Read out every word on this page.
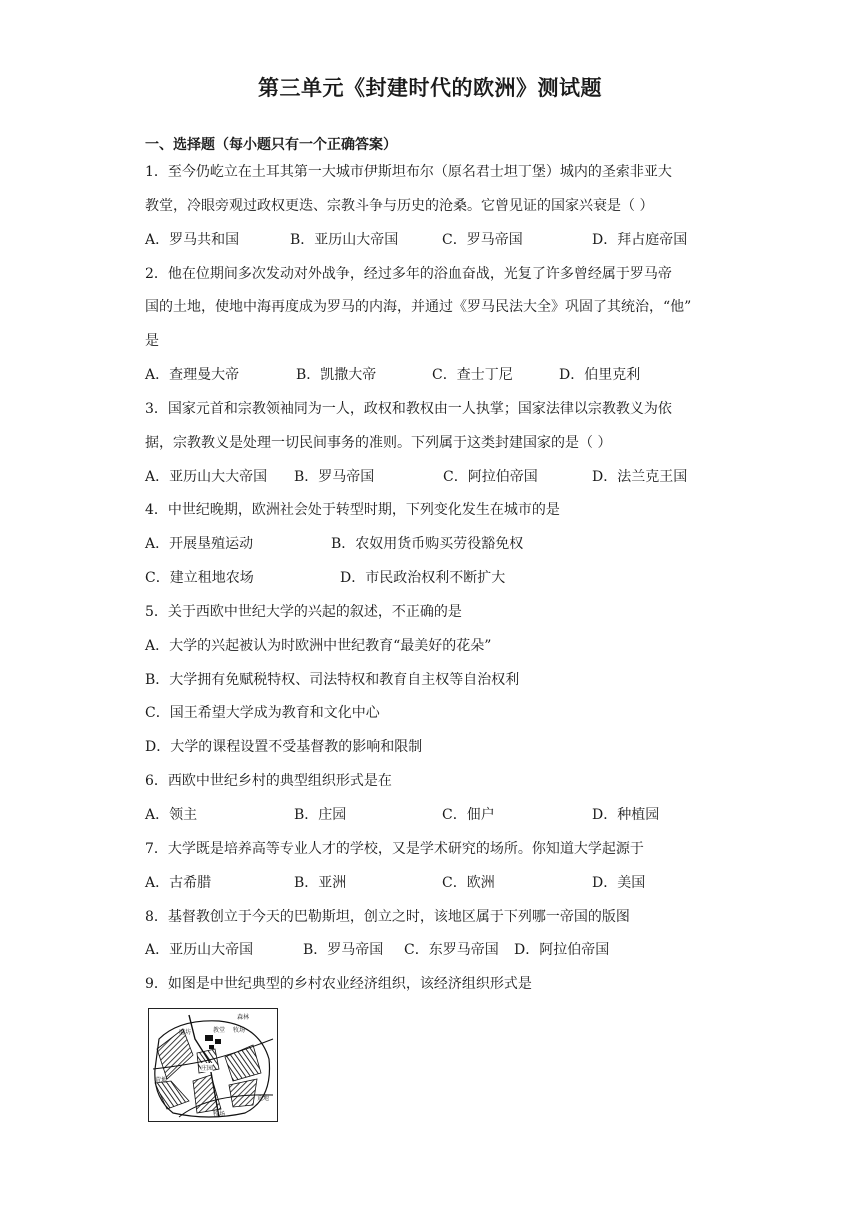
第三单元《封建时代的欧洲》测试题
一、选择题（每小题只有一个正确答案）
1．至今仍屹立在土耳其第一大城市伊斯坦布尔（原名君士坦丁堡）城内的圣索非亚大
教堂，冷眼旁观过政权更迭、宗教斗争与历史的沧桑。它曾见证的国家兴衰是（ ）
A．罗马共和国	B．亚历山大帝国	C．罗马帝国	D．拜占庭帝国
2．他在位期间多次发动对外战争，经过多年的浴血奋战，光复了许多曾经属于罗马帝
国的土地，使地中海再度成为罗马的内海，并通过《罗马民法大全》巩固了其统治，“他”
是
A．查理曼大帝	B．凯撒大帝	C．查士丁尼	D．伯里克利
3．国家元首和宗教领袖同为一人，政权和教权由一人执掌；国家法律以宗教教义为依
据，宗教教义是处理一切民间事务的准则。下列属于这类封建国家的是（ ）
A．亚历山大大帝国 B．罗马帝国	C．阿拉伯帝国	D．法兰克王国
4．中世纪晚期，欧洲社会处于转型时期，下列变化发生在城市的是
A．开展垦殖运动	B．农奴用货币购买劳役豁免权
C．建立租地农场	D．市民政治权利不断扩大
5．关于西欧中世纪大学的兴起的叙述，不正确的是
A．大学的兴起被认为时欧洲中世纪教育“最美好的花朵”
B．大学拥有免赋税特权、司法特权和教育自主权等自治权利
C．国王希望大学成为教育和文化中心
D．大学的课程设置不受基督教的影响和限制
6．西欧中世纪乡村的典型组织形式是在
A．领主	B．庄园	C．佃户	D．种植园
7．大学既是培养高等专业人才的学校，又是学术研究的场所。你知道大学起源于
A．古希腊	B．亚洲	C．欧洲	D．美国
8．基督教创立于今天的巴勒斯坦，创立之时，该地区属于下列哪一帝国的版图
A．亚历山大帝国	B．罗马帝国 C．东罗马帝国 D．阿拉伯帝国
9．如图是中世纪典型的乡村农业经济组织，该经济组织形式是
森林
牧场
教堂
磨坊
荒地
牧场
荒地
庄园
